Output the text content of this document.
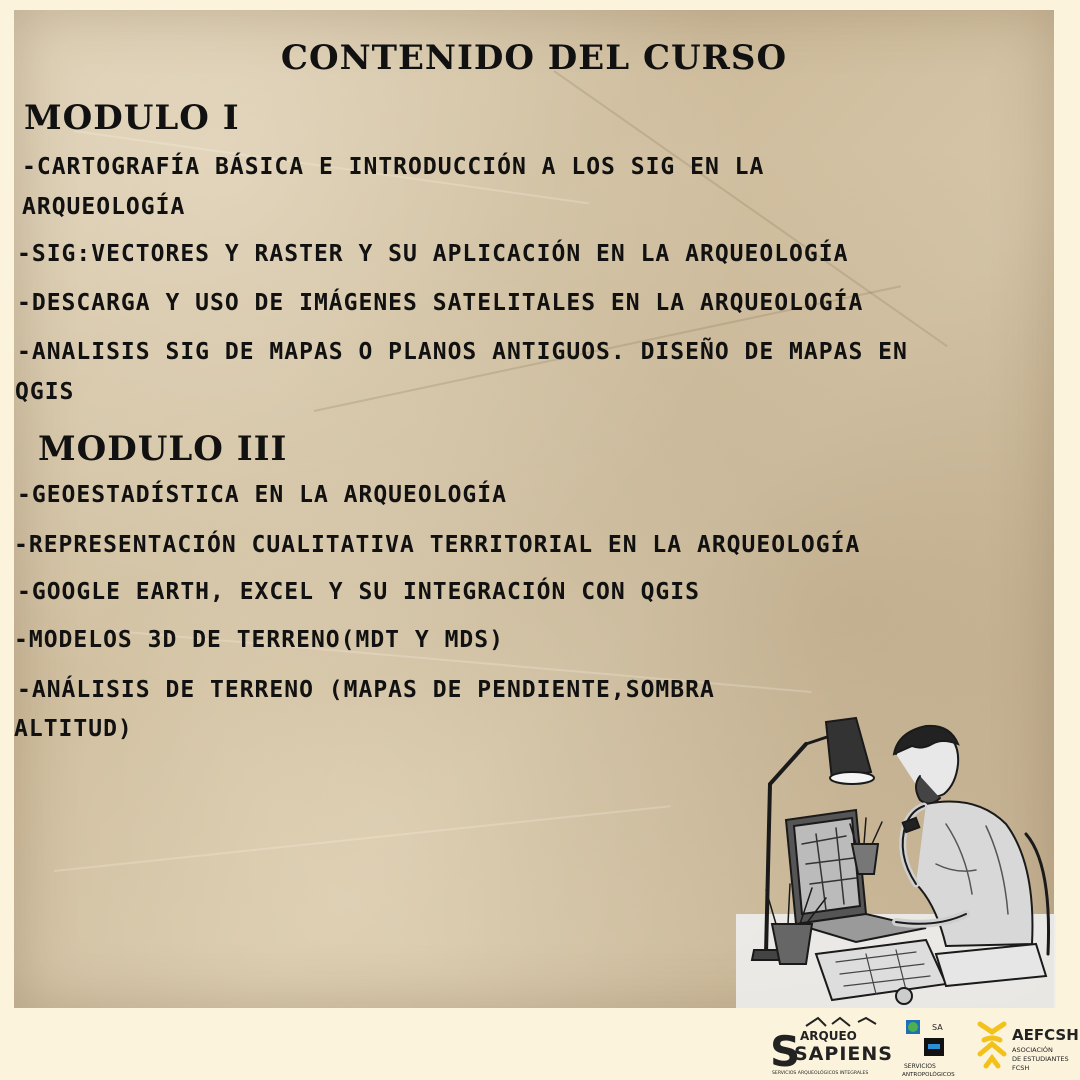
CONTENIDO DEL CURSO
MODULO I
-CARTOGRAFÍA BÁSICA E INTRODUCCIÓN A LOS SIG EN LA
ARQUEOLOGÍA
-SIG:VECTORES Y RASTER Y SU APLICACIÓN EN LA ARQUEOLOGÍA
-DESCARGA Y USO DE IMÁGENES SATELITALES EN LA ARQUEOLOGÍA
-ANALISIS SIG DE MAPAS O PLANOS ANTIGUOS. DISEÑO DE MAPAS EN
QGIS
MODULO III
-GEOESTADÍSTICA EN LA ARQUEOLOGÍA
-REPRESENTACIÓN CUALITATIVA TERRITORIAL EN LA ARQUEOLOGÍA
-GOOGLE EARTH, EXCEL Y SU INTEGRACIÓN CON QGIS
-MODELOS 3D DE TERRENO(MDT Y MDS)
-ANÁLISIS DE TERRENO (MAPAS DE PENDIENTE,SOMBRA
ALTITUD)
S ARQUEO
SAPIENS
SERVICIOS ARQUEOLÓGICOS INTEGRALES
SA
SERVICIOS
ANTROPOLÓGICOS
AEFCSH
ASOCIACIÓN
DE ESTUDIANTES
FCSH
